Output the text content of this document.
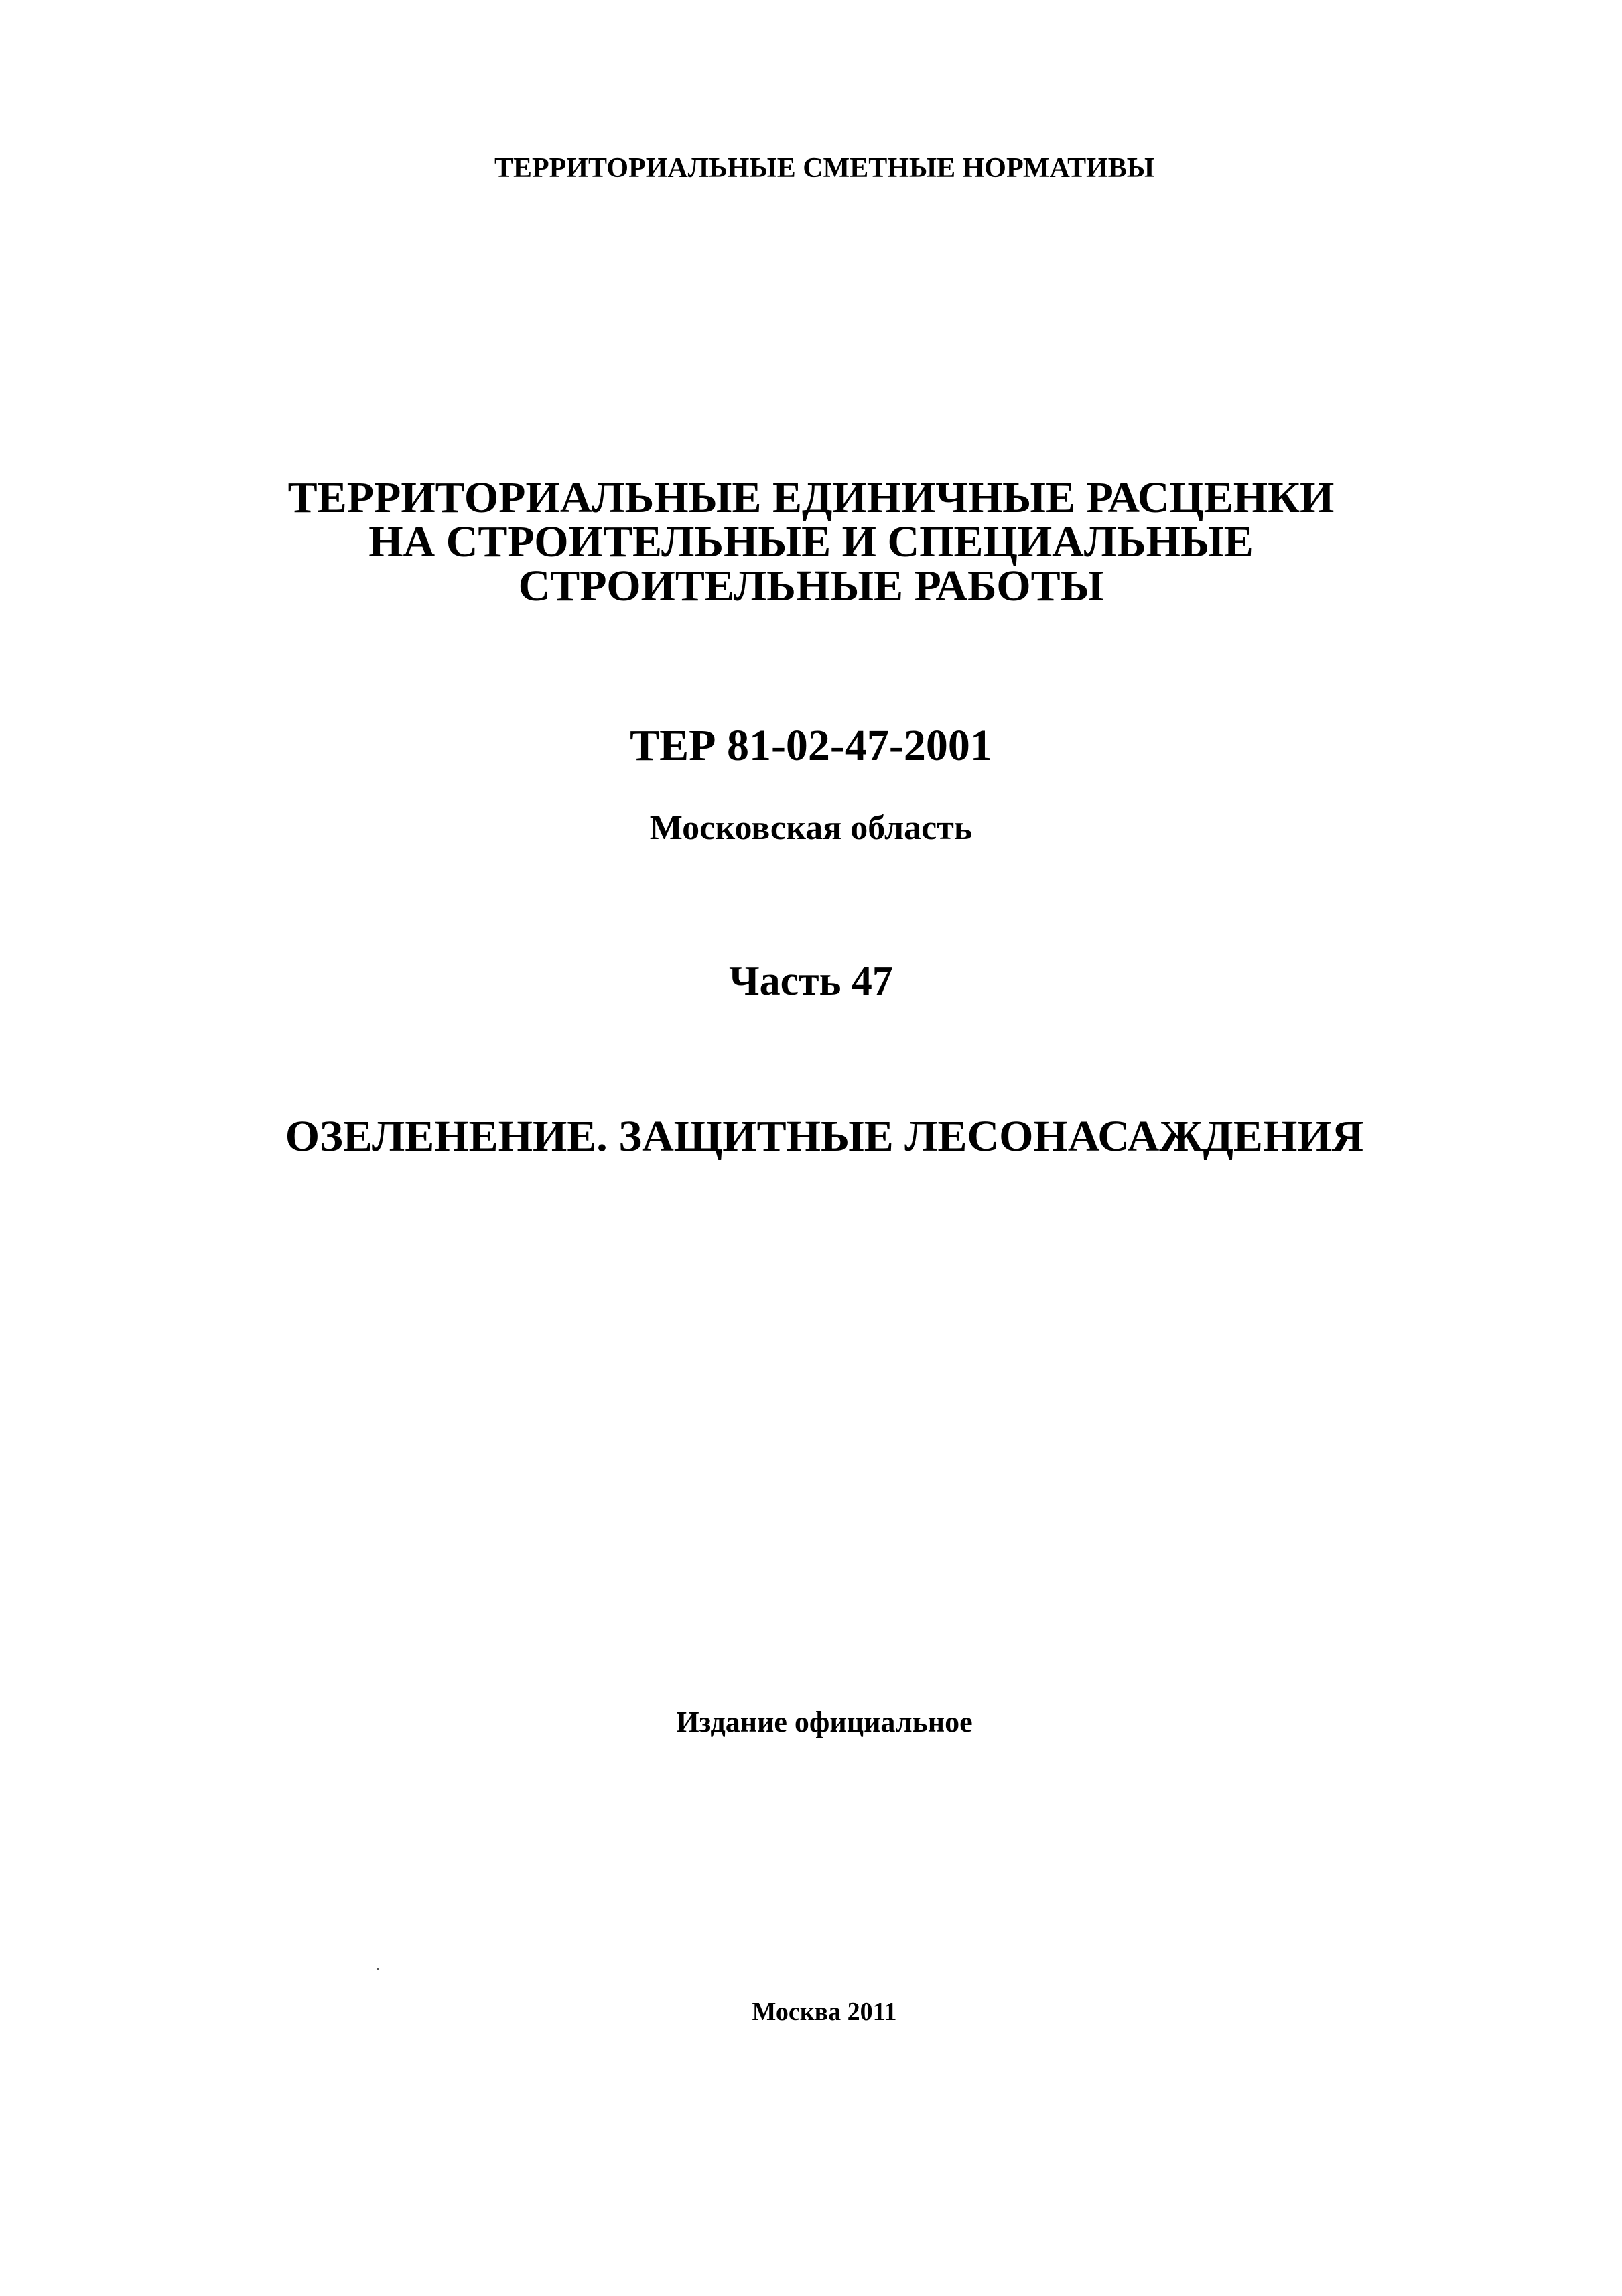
ТЕРРИТОРИАЛЬНЫЕ СМЕТНЫЕ НОРМАТИВЫ
ТЕРРИТОРИАЛЬНЫЕ ЕДИНИЧНЫЕ РАСЦЕНКИ
НА СТРОИТЕЛЬНЫЕ И СПЕЦИАЛЬНЫЕ
СТРОИТЕЛЬНЫЕ РАБОТЫ
ТЕР 81-02-47-2001
Московская область
Часть 47
ОЗЕЛЕНЕНИЕ. ЗАЩИТНЫЕ ЛЕСОНАСАЖДЕНИЯ
Издание официальное
Москва 2011
